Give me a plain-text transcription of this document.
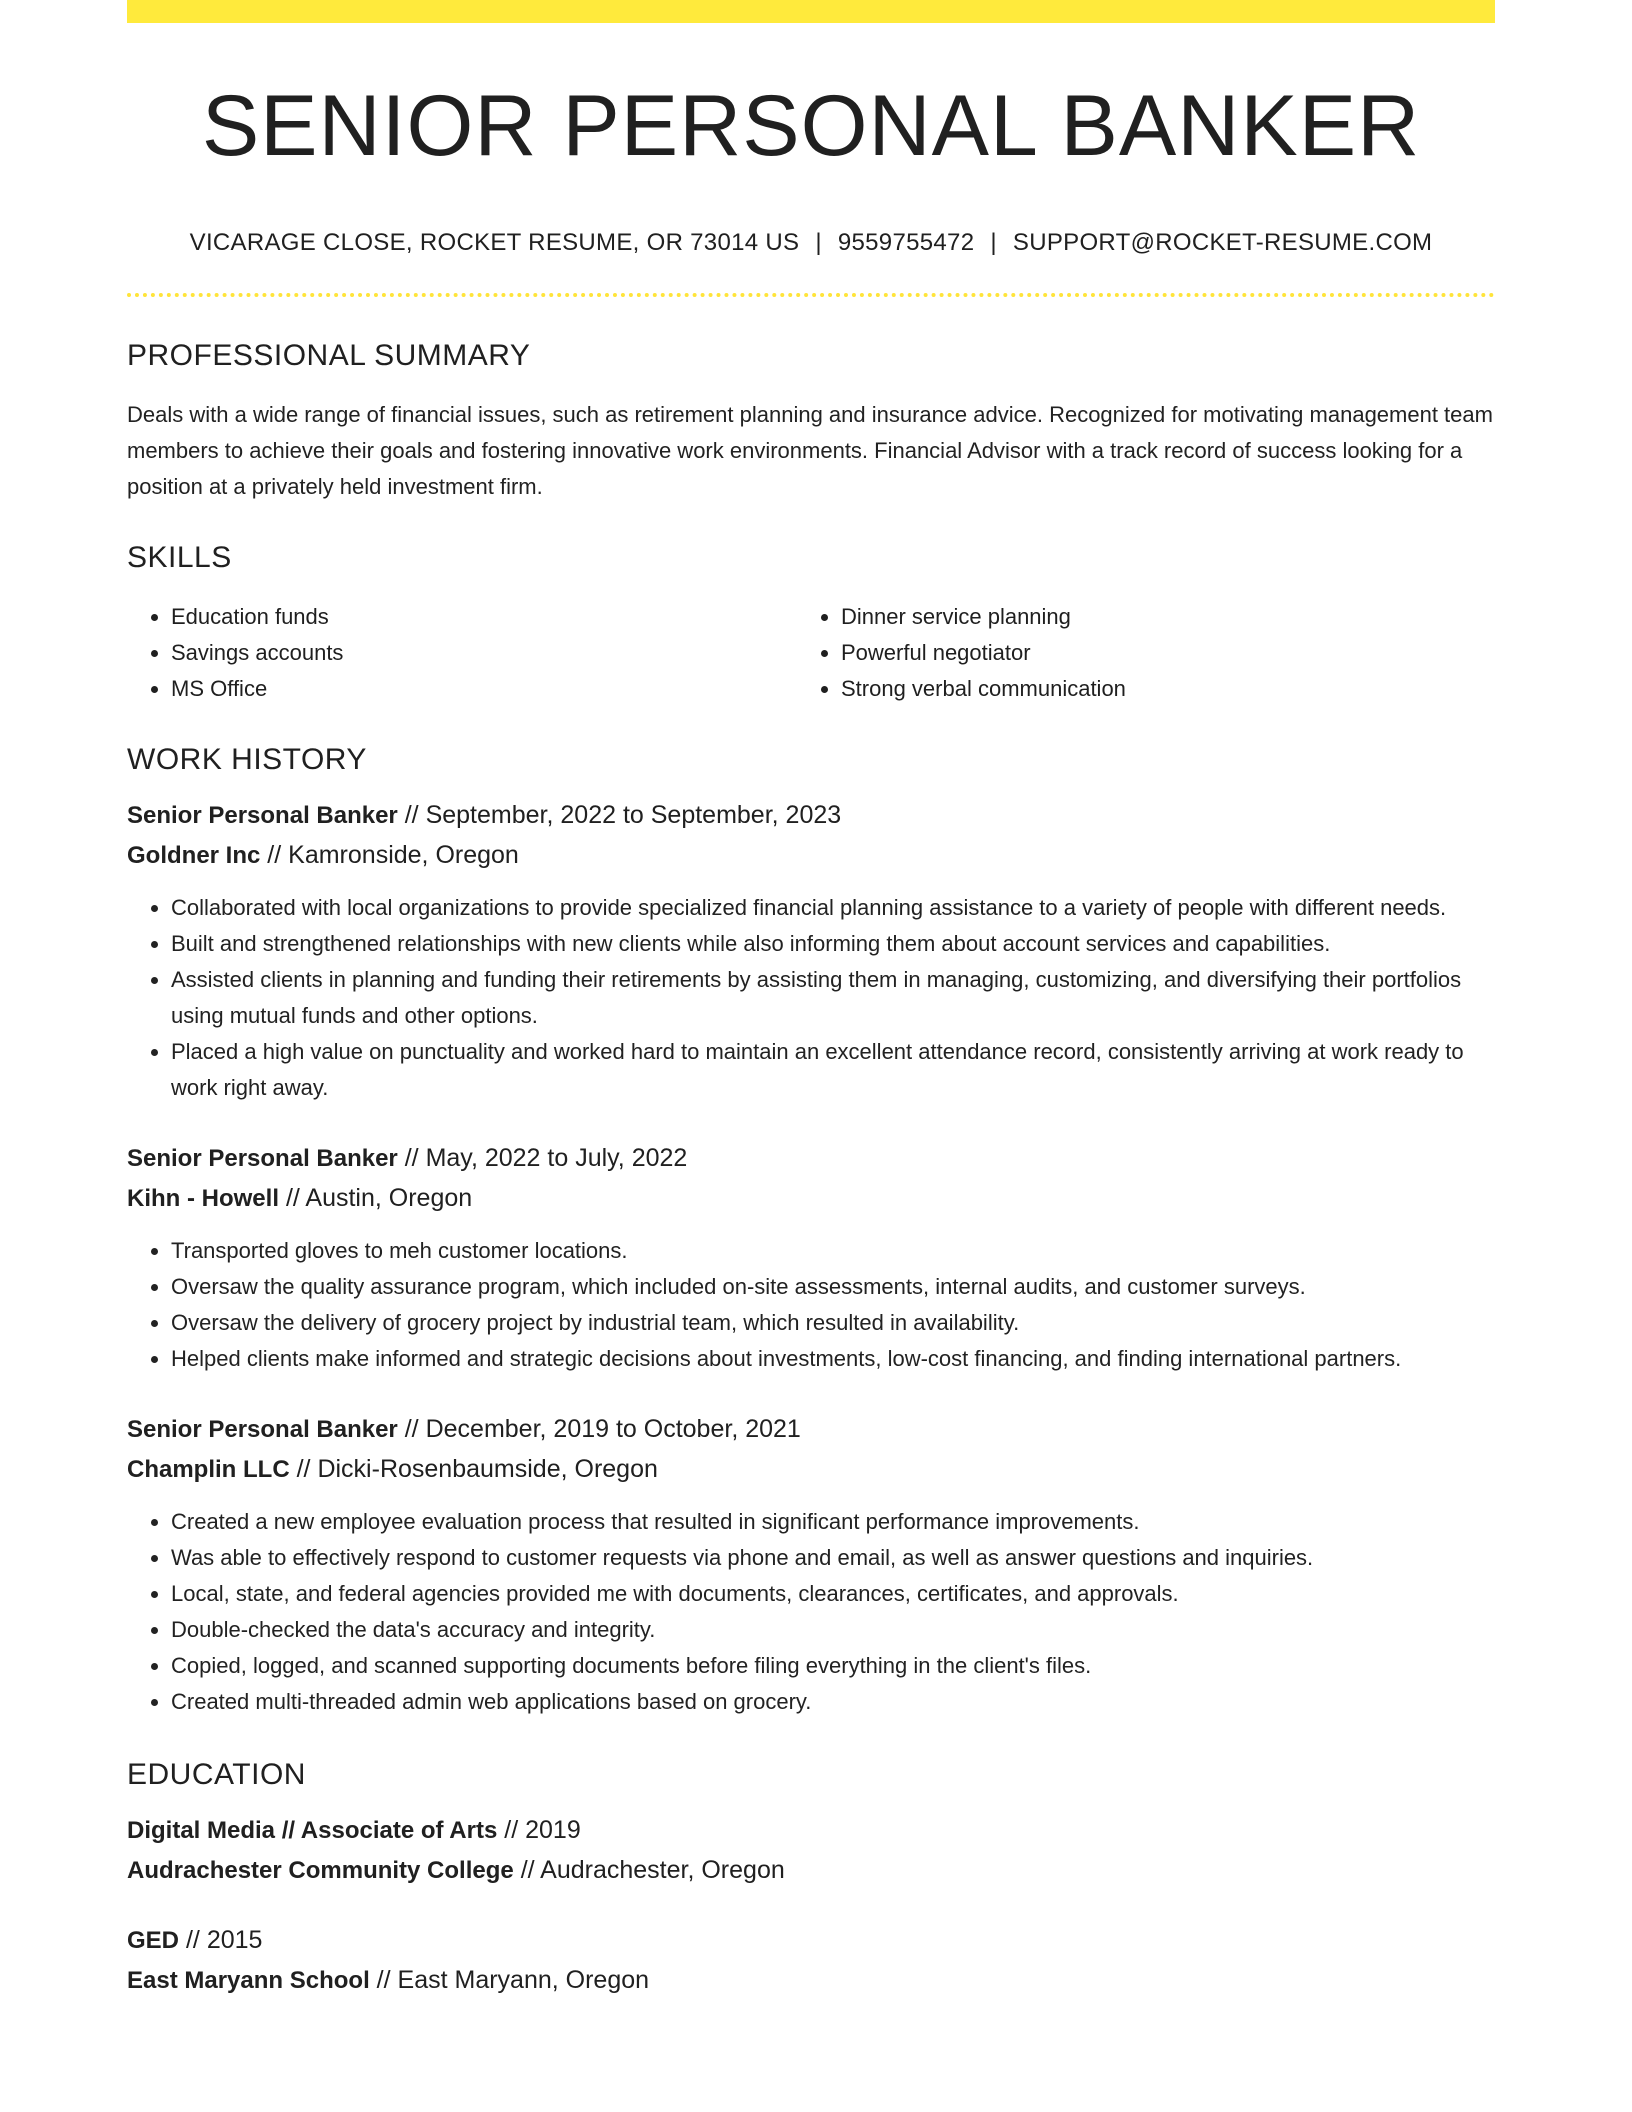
SENIOR PERSONAL BANKER
VICARAGE CLOSE, ROCKET RESUME, OR 73014 US | 9559755472 | SUPPORT@ROCKET-RESUME.COM
PROFESSIONAL SUMMARY

Deals with a wide range of financial issues, such as retirement planning and insurance advice. Recognized for motivating management team members to achieve their goals and fostering innovative work environments. Financial Advisor with a track record of success looking for a position at a privately held investment firm.

SKILLS
• Education funds
• Savings accounts
• MS Office
• Dinner service planning
• Powerful negotiator
• Strong verbal communication
WORK HISTORY
Senior Personal Banker // September, 2022 to September, 2023
Goldner Inc // Kamronside, Oregon
• Collaborated with local organizations to provide specialized financial planning assistance to a variety of people with different needs.
• Built and strengthened relationships with new clients while also informing them about account services and capabilities.
• Assisted clients in planning and funding their retirements by assisting them in managing, customizing, and diversifying their portfolios using mutual funds and other options.
• Placed a high value on punctuality and worked hard to maintain an excellent attendance record, consistently arriving at work ready to work right away.
Senior Personal Banker // May, 2022 to July, 2022
Kihn - Howell // Austin, Oregon
• Transported gloves to meh customer locations.
• Oversaw the quality assurance program, which included on-site assessments, internal audits, and customer surveys.
• Oversaw the delivery of grocery project by industrial team, which resulted in availability.
• Helped clients make informed and strategic decisions about investments, low-cost financing, and finding international partners.
Senior Personal Banker // December, 2019 to October, 2021
Champlin LLC // Dicki-Rosenbaumside, Oregon
• Created a new employee evaluation process that resulted in significant performance improvements.
• Was able to effectively respond to customer requests via phone and email, as well as answer questions and inquiries.
• Local, state, and federal agencies provided me with documents, clearances, certificates, and approvals.
• Double-checked the data's accuracy and integrity.
• Copied, logged, and scanned supporting documents before filing everything in the client's files.
• Created multi-threaded admin web applications based on grocery.
EDUCATION
Digital Media // Associate of Arts // 2019
Audrachester Community College // Audrachester, Oregon
GED // 2015
East Maryann School // East Maryann, Oregon
